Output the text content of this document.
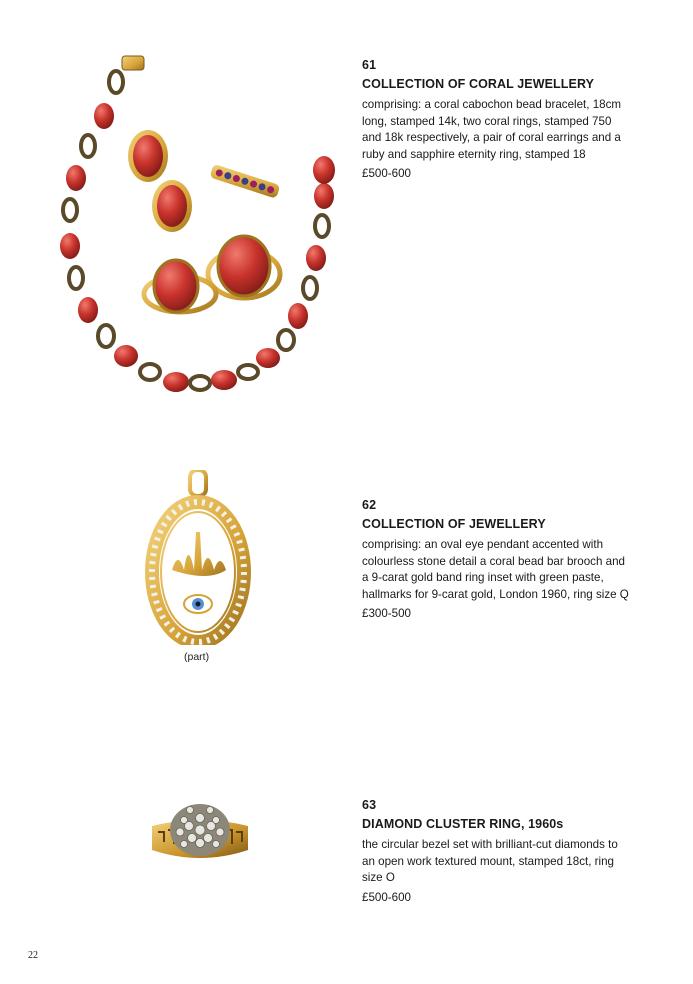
61

COLLECTION OF CORAL JEWELLERY

comprising: a coral cabochon bead bracelet, 18cm long, stamped 14k, two coral rings, stamped 750 and 18k respectively, a pair of coral earrings and a ruby and sapphire eternity ring, stamped 18

£500-600

(part)

62

COLLECTION OF JEWELLERY

comprising: an oval eye pendant accented with colourless stone detail a coral bead bar brooch and a 9-carat gold band ring inset with green paste, hallmarks for 9-carat gold, London 1960, ring size Q

£300-500

63

DIAMOND CLUSTER RING, 1960s

the circular bezel set with brilliant-cut diamonds to an open work textured mount, stamped 18ct, ring size O

£500-600

22
